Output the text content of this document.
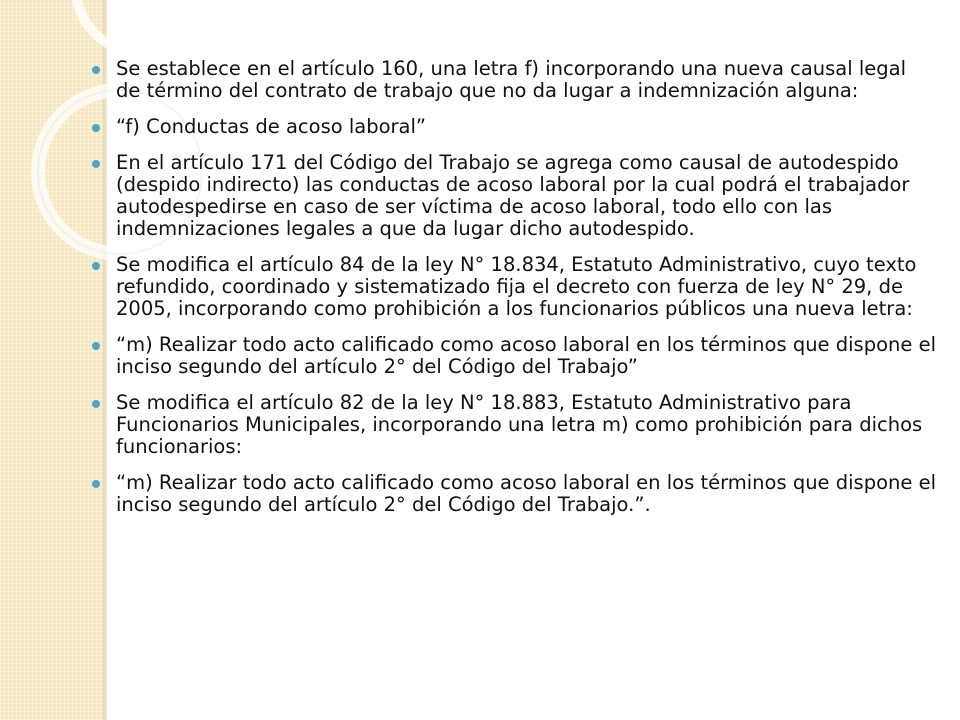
Se establece en el artículo 160, una letra f) incorporando una nueva causal legal de término del contrato de trabajo que no da lugar a indemnización alguna:
“f) Conductas de acoso laboral”
En el artículo 171 del Código del Trabajo se agrega como causal de autodespido (despido indirecto) las conductas de acoso laboral por la cual podrá el trabajador autodespedirse en caso de ser víctima de acoso laboral, todo ello con las indemnizaciones legales a que da lugar dicho autodespido.
Se modifica el artículo 84 de la ley N° 18.834, Estatuto Administrativo, cuyo texto refundido, coordinado y sistematizado fija el decreto con fuerza de ley N° 29, de 2005, incorporando como prohibición a los funcionarios públicos una nueva letra:
“m) Realizar todo acto calificado como acoso laboral en los términos que dispone el inciso segundo del artículo 2° del Código del Trabajo”
Se modifica el artículo 82 de la ley N° 18.883, Estatuto Administrativo para Funcionarios Municipales, incorporando una letra m) como prohibición para dichos funcionarios:
“m) Realizar todo acto calificado como acoso laboral en los términos que dispone el inciso segundo del artículo 2° del Código del Trabajo.”.
